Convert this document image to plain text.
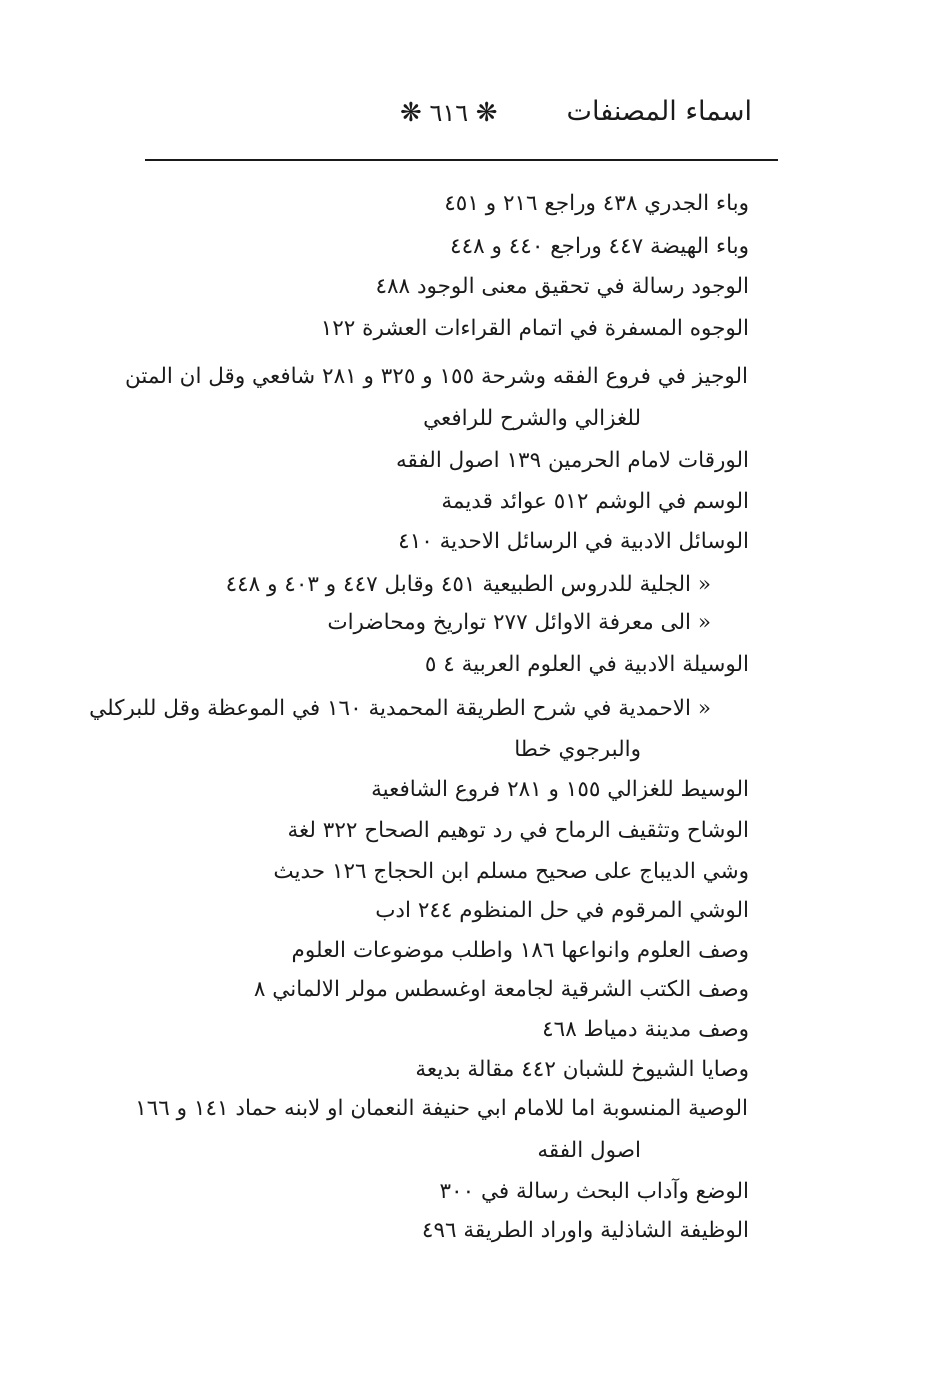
اسماء المصنفات
❋ ٦١٦ ❋
وباء الجدري ٤٣٨ وراجع ٢١٦ و ٤٥١
وباء الهيضة ٤٤٧ وراجع ٤٤٠ و ٤٤٨
الوجود رسالة في تحقيق معنى الوجود ٤٨٨
الوجوه المسفرة في اتمام القراءات العشرة ١٢٢
الوجيز في فروع الفقه وشرحة ١٥٥ و ٣٢٥ و ٢٨١ شافعي وقل ان المتن
للغزالي والشرح للرافعي
الورقات لامام الحرمين ١٣٩ اصول الفقه
الوسم في الوشم ٥١٢ عوائد قديمة
الوسائل الادبية في الرسائل الاحدية ٤١٠
« الجلية للدروس الطبيعية ٤٥١ وقابل ٤٤٧ و ٤٠٣ و ٤٤٨
« الى معرفة الاوائل ٢٧٧ تواريخ ومحاضرات
الوسيلة الادبية في العلوم العربية ٤ ٥
« الاحمدية في شرح الطريقة المحمدية ١٦٠ في الموعظة وقل للبركلي
والبرجوي خطا
الوسيط للغزالي ١٥٥ و ٢٨١ فروع الشافعية
الوشاح وتثقيف الرماح في رد توهيم الصحاح ٣٢٢ لغة
وشي الديباج على صحيح مسلم ابن الحجاج ١٢٦ حديث
الوشي المرقوم في حل المنظوم ٢٤٤ ادب
وصف العلوم وانواعها ١٨٦ واطلب موضوعات العلوم
وصف الكتب الشرقية لجامعة اوغسطس مولر الالماني ٨
وصف مدينة دمياط ٤٦٨
وصايا الشيوخ للشبان ٤٤٢ مقالة بديعة
الوصية المنسوبة اما للامام ابي حنيفة النعمان او لابنه حماد ١٤١ و ١٦٦
اصول الفقه
الوضع وآداب البحث رسالة في ٣٠٠
الوظيفة الشاذلية واوراد الطريقة ٤٩٦
